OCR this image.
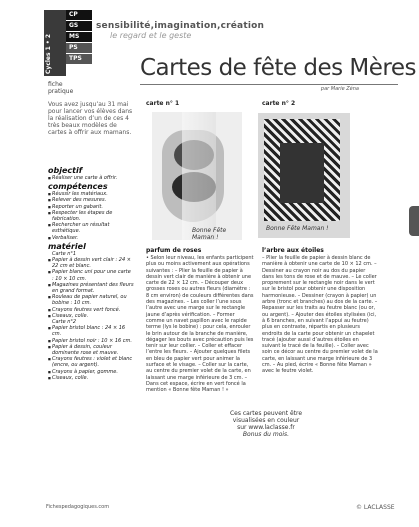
Cycles 1 • 2
CP
GS
MS
PS
TPS
sensibilité,imagination,création
le regard et le geste
fiche pratique
Cartes de fête des Mères
par Marie Zéna
Vous avez jusqu’au 31 mai pour lancer vos élèves dans la réalisation d’un de ces 4 très beaux modèles de cartes à offrir aux mamans.
objectif
■ Réaliser une carte à offrir.
compétences
■ Réussir les matériaux.
■ Relever des mesures.
■ Reporter un gabarit.
■ Respecter les étapes de fabrication.
■ Rechercher un résultat esthétique.
■ Verbaliser.
matériel
Carte n°1
■ Papier à dessin vert clair : 24 × 22 cm et blanc.
■ Papier blanc uni pour une carte : 10 × 10 cm.
■ Magazines présentant des fleurs en grand format.
■ Rouleau de papier naturel, ou bobine : 10 cm.
■ Crayons feutres vert foncé.
■ Ciseaux, colle.
Carte n°2
■ Papier bristol blanc : 24 × 16 cm.
■ Papier bristol noir : 10 × 16 cm.
■ Papier à dessin, couleur dominante rose et mauve.
■ Crayons feutres : violet et blanc (encre, ou argent).
■ Crayons à papier, gomme.
■ Ciseaux, colle.
carte n° 1
Bonne Fête Maman !
carte n° 2
Bonne Fête Maman !
parfum de roses

• Selon leur niveau, les enfants participent plus ou moins activement aux opérations suivantes : – Plier la feuille de papier à dessin vert clair de manière à obtenir une carte de 22 × 12 cm. – Découper deux grosses roses ou autres fleurs (diamètre : 8 cm environ) de couleurs différentes dans des magazines. – Les coller l’une sous l’autre avec une marge sur le rectangle jaune d’après vérification. – Former comme un navet papillon avec le rapide terme (lys le bobine) : pour cela, enrouler le brin autour de la branche de manière, dégager les bouts avec précaution puis les tenir sur leur collier. – Coller et effacer l’entre les fleurs. – Ajouter quelques filets en bleu de papier vert pour animer la surface et le visage. – Coller sur la carte, au centre du premier volet de la carte, en laissant une marge inférieure de 3 cm. – Dans cet espace, écrire en vert foncé la mention « Bonne fête Maman ! »

l’arbre aux étoiles

– Plier la feuille de papier à dessin blanc de manière à obtenir une carte de 10 × 12 cm. – Dessiner au crayon noir au dos du papier dans les tons de rose et de mauve. – Le coller proprement sur le rectangle noir dans le vert sur le bristol pour obtenir une disposition harmonieuse. – Dessiner (crayon à papier) un arbre (tronc et branches) au dos de la carte. – Repasser sur les traits au feutre blanc (ou or, ou argent). – Ajouter des étoiles stylisées (ici, à 6 branches, en suivant l’appui au feutre) plus en contraste, répartis en plusieurs endroits de la carte pour obtenir un chapelet tracé (ajouter aussi d’autres étoiles en suivant le tracé de la feuille). – Coller avec soin ce décor au centre du premier volet de la carte, en laissant une marge inférieure de 3 cm. – Au pied, écrire « Bonne fête Maman » avec le feutre violet.

Ces cartes peuvent être visualisées en couleur
sur www.laclasse.fr
Bonus du mois.
Fichespedagogiques.com	© LACLASSE
